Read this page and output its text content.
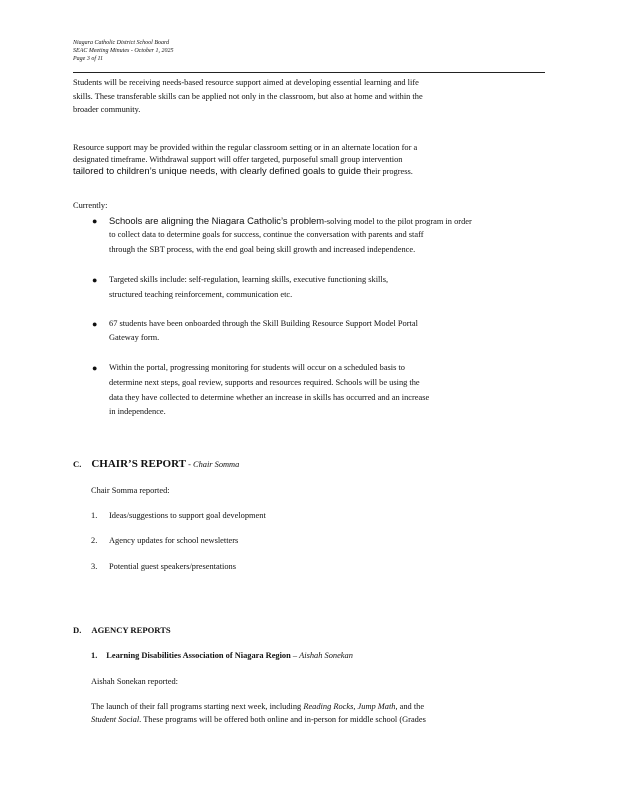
Niagara Catholic District School Board
SEAC Meeting Minutes - October 1, 2025
Page 3 of 11
Students will be receiving needs-based resource support aimed at developing essential learning and life
skills. These transferable skills can be applied not only in the classroom, but also at home and within the
broader community.
Resource support may be provided within the regular classroom setting or in an alternate location for a
designated timeframe. Withdrawal support will offer targeted, purposeful small group intervention
tailored to children’s unique needs, with clearly defined goals to guide their progress.
Currently:
● Schools are aligning the Niagara Catholic’s problem-solving model to the pilot program in order
to collect data to determine goals for success, continue the conversation with parents and staff
through the SBT process, with the end goal being skill growth and increased independence.
● Targeted skills include: self-regulation, learning skills, executive functioning skills,
structured teaching reinforcement, communication etc.
● 67 students have been onboarded through the Skill Building Resource Support Model Portal
Gateway form.
● Within the portal, progressing monitoring for students will occur on a scheduled basis to
determine next steps, goal review, supports and resources required. Schools will be using the
data they have collected to determine whether an increase in skills has occurred and an increase
in independence.
C. CHAIR’S REPORT - Chair Somma
Chair Somma reported:
1. Ideas/suggestions to support goal development
2. Agency updates for school newsletters
3. Potential guest speakers/presentations
D. AGENCY REPORTS
1. Learning Disabilities Association of Niagara Region – Aishah Sonekan
Aishah Sonekan reported:
The launch of their fall programs starting next week, including Reading Rocks, Jump Math, and the
Student Social. These programs will be offered both online and in-person for middle school (Grades
